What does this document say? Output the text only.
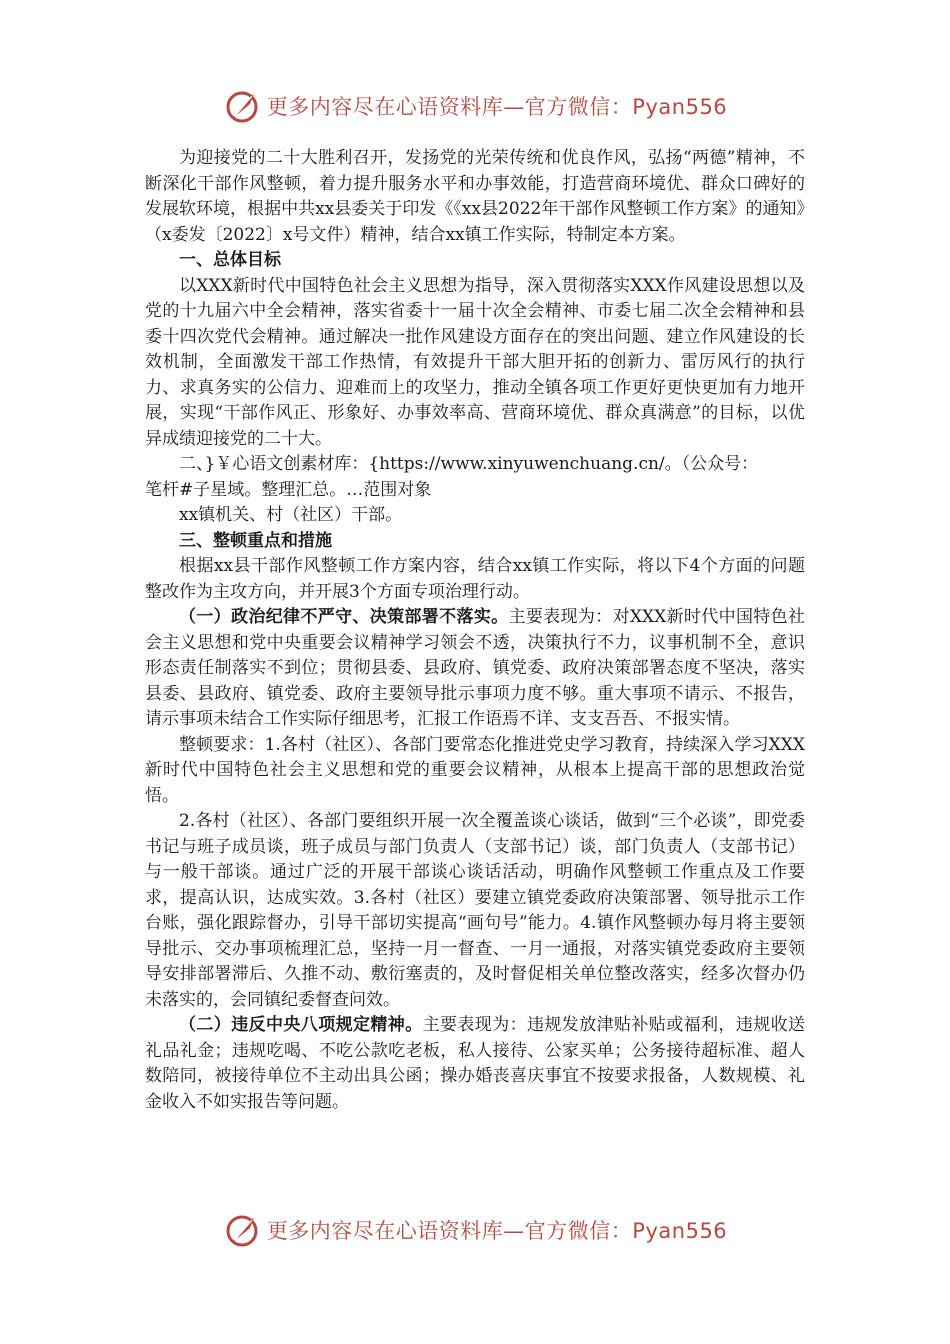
更多内容尽在心语资料库—官方微信：Pyan556

为迎接党的二十大胜利召开，发扬党的光荣传统和优良作风，弘扬“两德”精神，不断深化干部作风整顿，着力提升服务水平和办事效能，打造营商环境优、群众口碑好的发展软环境，根据中共xx县委关于印发《《xx县2022年干部作风整顿工作方案》的通知》（x委发〔2022〕x号文件）精神，结合xx镇工作实际，特制定本方案。

一、总体目标

以XXX新时代中国特色社会主义思想为指导，深入贯彻落实XXX作风建设思想以及党的十九届六中全会精神，落实省委十一届十次全会精神、市委七届二次全会精神和县委十四次党代会精神。通过解决一批作风建设方面存在的突出问题、建立作风建设的长效机制，全面激发干部工作热情，有效提升干部大胆开拓的创新力、雷厉风行的执行力、求真务实的公信力、迎难而上的攻坚力，推动全镇各项工作更好更快更加有力地开展，实现“干部作风正、形象好、办事效率高、营商环境优、群众真满意”的目标，以优异成绩迎接党的二十大。

二、}￥心语文创素材库：{https://www.xinyuwenchuang.cn/。（公众号：

笔杆#子星域。整理汇总。…范围对象

xx镇机关、村（社区）干部。

三、整顿重点和措施

根据xx县干部作风整顿工作方案内容，结合xx镇工作实际，将以下4个方面的问题整改作为主攻方向，并开展3个方面专项治理行动。

（一）政治纪律不严守、决策部署不落实。主要表现为：对XXX新时代中国特色社会主义思想和党中央重要会议精神学习领会不透，决策执行不力，议事机制不全，意识形态责任制落实不到位；贯彻县委、县政府、镇党委、政府决策部署态度不坚决，落实县委、县政府、镇党委、政府主要领导批示事项力度不够。重大事项不请示、不报告，请示事项未结合工作实际仔细思考，汇报工作语焉不详、支支吾吾、不报实情。

整顿要求：1.各村（社区）、各部门要常态化推进党史学习教育，持续深入学习XXX新时代中国特色社会主义思想和党的重要会议精神，从根本上提高干部的思想政治觉悟。

2.各村（社区）、各部门要组织开展一次全覆盖谈心谈话，做到“三个必谈”，即党委书记与班子成员谈，班子成员与部门负责人（支部书记）谈，部门负责人（支部书记）与一般干部谈。通过广泛的开展干部谈心谈话活动，明确作风整顿工作重点及工作要求，提高认识，达成实效。3.各村（社区）要建立镇党委政府决策部署、领导批示工作台账，强化跟踪督办，引导干部切实提高“画句号”能力。4.镇作风整顿办每月将主要领导批示、交办事项梳理汇总，坚持一月一督查、一月一通报，对落实镇党委政府主要领导安排部署滞后、久推不动、敷衍塞责的，及时督促相关单位整改落实，经多次督办仍未落实的，会同镇纪委督查问效。

（二）违反中央八项规定精神。主要表现为：违规发放津贴补贴或福利，违规收送礼品礼金；违规吃喝、不吃公款吃老板，私人接待、公家买单；公务接待超标准、超人数陪同，被接待单位不主动出具公函；操办婚丧喜庆事宜不按要求报备，人数规模、礼金收入不如实报告等问题。

更多内容尽在心语资料库—官方微信：Pyan556
